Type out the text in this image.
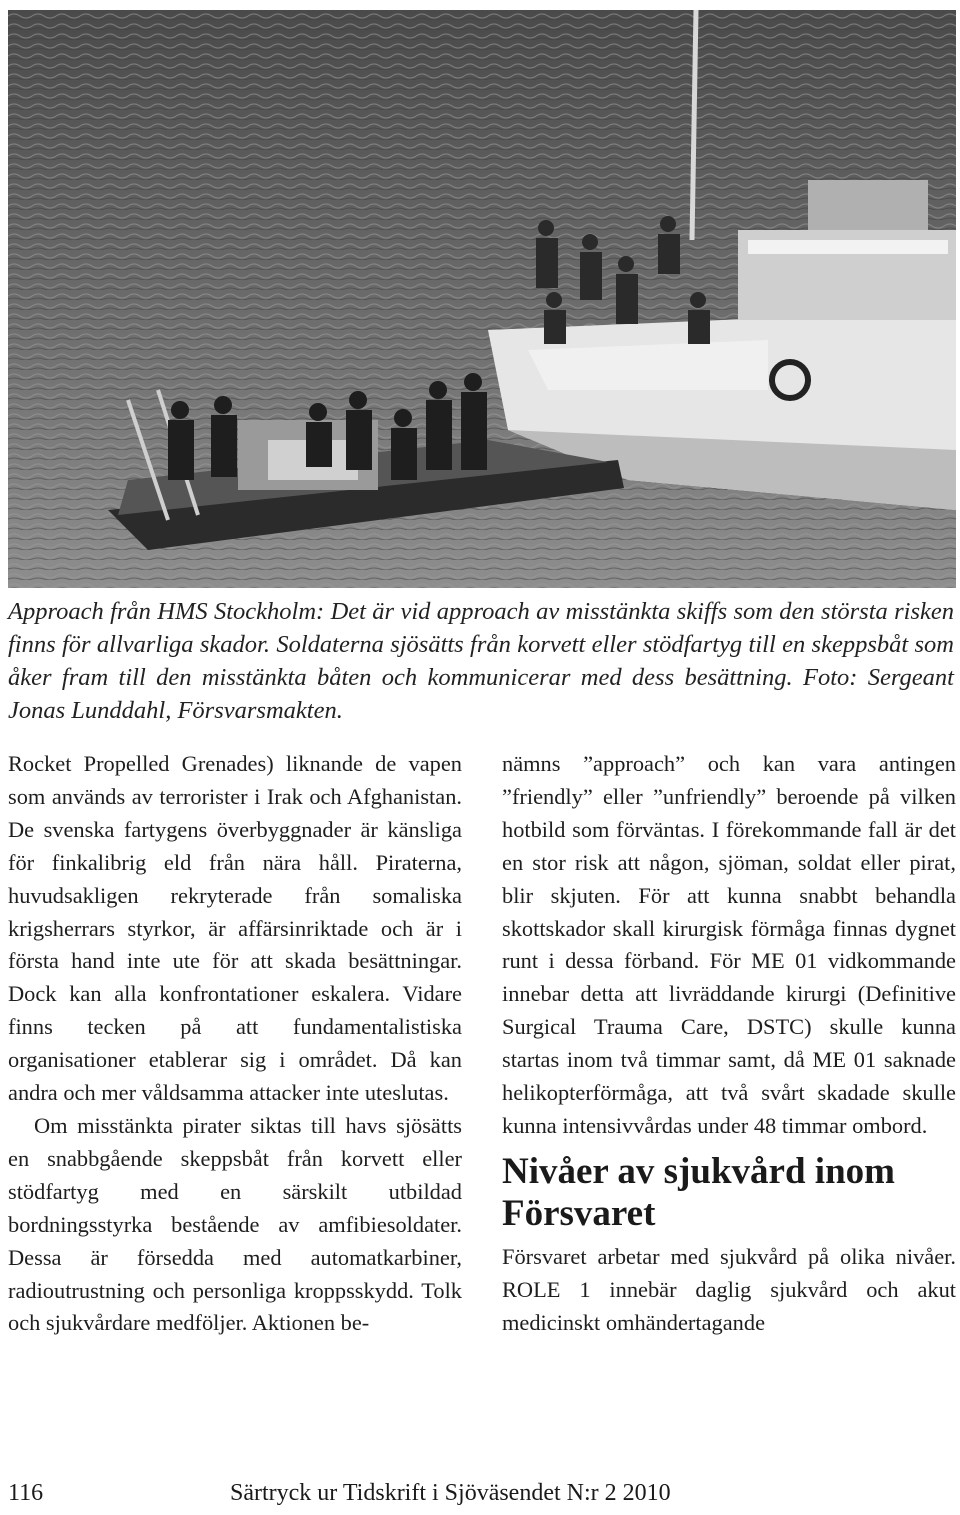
Approach från HMS Stockholm: Det är vid approach av misstänkta skiffs som den största risken finns för allvarliga skador. Soldaterna sjösätts från korvett eller stödfartyg till en skeppsbåt som åker fram till den misstänkta båten och kommunicerar med dess besättning. Foto: Sergeant Jonas Lunddahl, Försvarsmakten.

Rocket Propelled Grenades) liknande de vapen som används av terrorister i Irak och Afghanistan. De svenska fartygens överbyggnader är känsliga för finkalibrig eld från nära håll. Piraterna, huvudsakligen rekryterade från somaliska krigsherrars styrkor, är affärsinriktade och är i första hand inte ute för att skada besättningar. Dock kan alla konfrontationer eskalera. Vidare finns tecken på att fundamentalistiska organisationer etablerar sig i området. Då kan andra och mer våldsamma attacker inte uteslutas.

Om misstänkta pirater siktas till havs sjösätts en snabbgående skeppsbåt från korvett eller stödfartyg med en särskilt utbildad bordningsstyrka bestående av amfibiesoldater. Dessa är försedda med automatkarbiner, radioutrustning och personliga kroppsskydd. Tolk och sjukvårdare medföljer. Aktionen be-

nämns ”approach” och kan vara antingen ”friendly” eller ”unfriendly” beroende på vilken hotbild som förväntas. I förekommande fall är det en stor risk att någon, sjöman, soldat eller pirat, blir skjuten. För att kunna snabbt behandla skottskador skall kirurgisk förmåga finnas dygnet runt i dessa förband. För ME 01 vidkommande innebar detta att livräddande kirurgi (Definitive Surgical Trauma Care, DSTC) skulle kunna startas inom två timmar samt, då ME 01 saknade helikopterförmåga, att två svårt skadade skulle kunna intensivvårdas under 48 timmar ombord.

Nivåer av sjukvård inom Försvaret

Försvaret arbetar med sjukvård på olika nivåer. ROLE 1 innebär daglig sjukvård och akut medicinskt omhändertagande

116	Särtryck ur Tidskrift i Sjöväsendet N:r 2 2010
